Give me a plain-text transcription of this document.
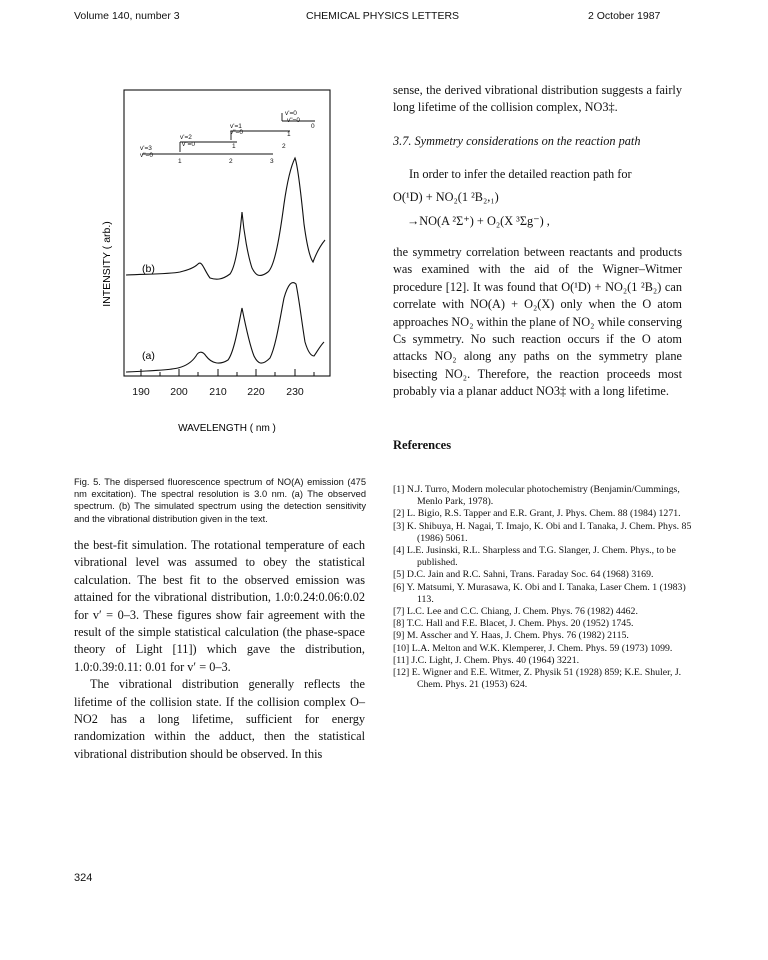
Volume 140, number 3	CHEMICAL PHYSICS LETTERS	2 October 1987
190 200 210 220 230
WAVELENGTH ( nm )
INTENSITY ( arb.)
v'=0
v"=0
v'=1
v"=0
v'=2
v"=0
v'=3
v"=0
0
1
1	2
1	2	3
(b)
(a)
Fig. 5. The dispersed fluorescence spectrum of NO(A) emission (475 nm excitation). The spectral resolution is 3.0 nm. (a) The observed spectrum. (b) The simulated spectrum using the detection sensitivity and the vibrational distribution given in the text.

the best-fit simulation. The rotational temperature of each vibrational level was assumed to obey the statistical calculation. The best fit to the observed emission was attained for the vibrational distribution, 1.0:0.24:0.06:0.02 for v′ = 0–3. These figures show fair agreement with the result of the simple statistical calculation (the phase-space theory of Light [11]) which gave the distribution, 1.0:0.39:0.11: 0.01 for v′ = 0–3.

The vibrational distribution generally reflects the lifetime of the collision state. If the collision complex O–NO2 has a long lifetime, sufficient for energy randomization within the adduct, then the statistical vibrational distribution should be observed. In this

sense, the derived vibrational distribution suggests a fairly long lifetime of the collision complex, NO3‡.

3.7. Symmetry considerations on the reaction path

In order to infer the detailed reaction path for

O(¹D) + NO₂(1 ²B₂,₁)

→NO(A ²Σ⁺) + O₂(X ³Σg⁻) ,

the symmetry correlation between reactants and products was examined with the aid of the Wigner–Witmer procedure [12]. It was found that O(¹D) + NO₂(1 ²B₂) can correlate with NO(A) + O₂(X) only when the O atom approaches NO₂ within the plane of NO₂ while conserving Cs symmetry. No such reaction occurs if the O atom attacks NO₂ along any paths on the symmetry plane bisecting NO₂. Therefore, the reaction proceeds most probably via a planar adduct NO3‡ with a long lifetime.

References

[1] N.J. Turro, Modern molecular photochemistry (Benjamin/Cummings, Menlo Park, 1978).

[2] L. Bigio, R.S. Tapper and E.R. Grant, J. Phys. Chem. 88 (1984) 1271.

[3] K. Shibuya, H. Nagai, T. Imajo, K. Obi and I. Tanaka, J. Chem. Phys. 85 (1986) 5061.

[4] L.E. Jusinski, R.L. Sharpless and T.G. Slanger, J. Chem. Phys., to be published.

[5] D.C. Jain and R.C. Sahni, Trans. Faraday Soc. 64 (1968) 3169.

[6] Y. Matsumi, Y. Murasawa, K. Obi and I. Tanaka, Laser Chem. 1 (1983) 113.

[7] L.C. Lee and C.C. Chiang, J. Chem. Phys. 76 (1982) 4462.

[8] T.C. Hall and F.E. Blacet, J. Chem. Phys. 20 (1952) 1745.

[9] M. Asscher and Y. Haas, J. Chem. Phys. 76 (1982) 2115.

[10] L.A. Melton and W.K. Klemperer, J. Chem. Phys. 59 (1973) 1099.

[11] J.C. Light, J. Chem. Phys. 40 (1964) 3221.

[12] E. Wigner and E.E. Witmer, Z. Physik 51 (1928) 859; K.E. Shuler, J. Chem. Phys. 21 (1953) 624.

324
